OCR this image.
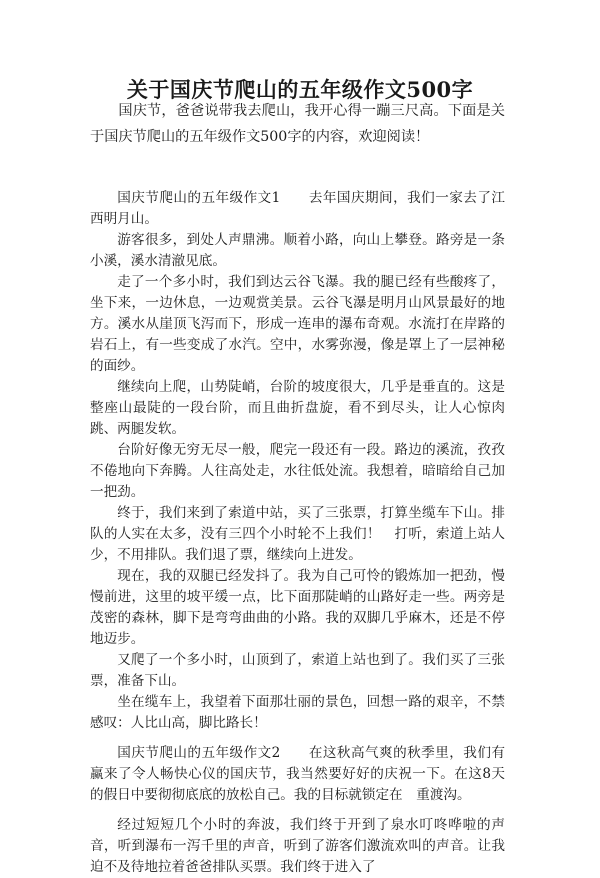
关于国庆节爬山的五年级作文500字

国庆节，爸爸说带我去爬山，我开心得一蹦三尺高。下面是关于国庆节爬山的五年级作文500字的内容，欢迎阅读！

国庆节爬山的五年级作文1　　去年国庆期间，我们一家去了江西明月山。

游客很多，到处人声鼎沸。顺着小路，向山上攀登。路旁是一条小溪，溪水清澈见底。

走了一个多小时，我们到达云谷飞瀑。我的腿已经有些酸疼了，坐下来，一边休息，一边观赏美景。云谷飞瀑是明月山风景最好的地方。溪水从崖顶飞泻而下，形成一连串的瀑布奇观。水流打在岸路的岩石上，有一些变成了水汽。空中，水雾弥漫，像是罩上了一层神秘的面纱。

继续向上爬，山势陡峭，台阶的坡度很大，几乎是垂直的。这是整座山最陡的一段台阶，而且曲折盘旋，看不到尽头，让人心惊肉跳、两腿发软。

台阶好像无穷无尽一般，爬完一段还有一段。路边的溪流，孜孜不倦地向下奔腾。人往高处走，水往低处流。我想着，暗暗给自己加一把劲。

终于，我们来到了索道中站，买了三张票，打算坐缆车下山。排队的人实在太多，没有三四个小时轮不上我们！　打听，索道上站人少，不用排队。我们退了票，继续向上进发。

现在，我的双腿已经发抖了。我为自己可怜的锻炼加一把劲，慢慢前进，这里的坡平缓一点，比下面那陡峭的山路好走一些。两旁是茂密的森林，脚下是弯弯曲曲的小路。我的双脚几乎麻木，还是不停地迈步。

又爬了一个多小时，山顶到了，索道上站也到了。我们买了三张票，准备下山。

坐在缆车上，我望着下面那壮丽的景色，回想一路的艰辛，不禁感叹：人比山高，脚比路长！

国庆节爬山的五年级作文2　　在这秋高气爽的秋季里，我们有赢来了令人畅快心仪的国庆节，我当然要好好的庆祝一下。在这8天的假日中要彻彻底底的放松自己。我的目标就锁定在　重渡沟。

经过短短几个小时的奔波，我们终于开到了泉水叮咚哗啦的声音，听到瀑布一泻千里的声音，听到了游客们激流欢叫的声音。让我迫不及待地拉着爸爸排队买票。我们终于进入了
